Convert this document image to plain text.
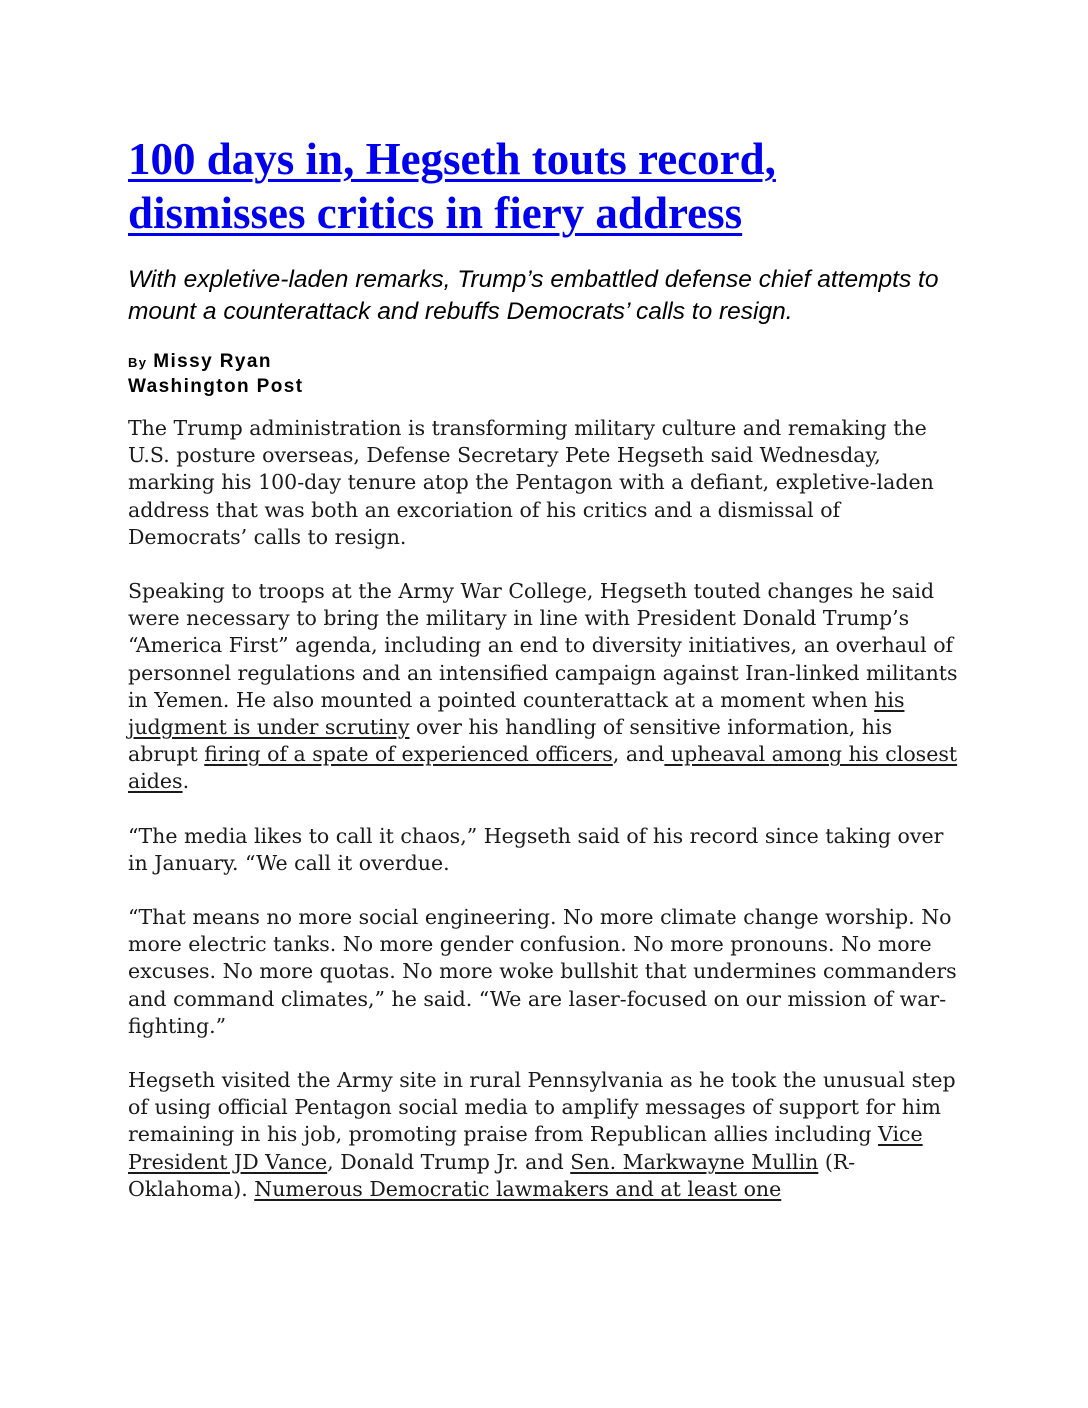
100 days in, Hegseth touts record,
dismisses critics in fiery address

With expletive-laden remarks, Trump’s embattled defense chief attempts to mount a counterattack and rebuffs Democrats’ calls to resign.

By Missy Ryan
Washington Post

The Trump administration is transforming military culture and remaking the U.S. posture overseas, Defense Secretary Pete Hegseth said Wednesday, marking his 100-day tenure atop the Pentagon with a defiant, expletive-laden address that was both an excoriation of his critics and a dismissal of Democrats’ calls to resign.

Speaking to troops at the Army War College, Hegseth touted changes he said were necessary to bring the military in line with President Donald Trump’s “America First” agenda, including an end to diversity initiatives, an overhaul of personnel regulations and an intensified campaign against Iran-linked militants in Yemen. He also mounted a pointed counterattack at a moment when his judgment is under scrutiny over his handling of sensitive information, his abrupt firing of a spate of experienced officers, and upheaval among his closest aides.

“The media likes to call it chaos,” Hegseth said of his record since taking over in January. “We call it overdue.

“That means no more social engineering. No more climate change worship. No more electric tanks. No more gender confusion. No more pronouns. No more excuses. No more quotas. No more woke bullshit that undermines commanders and command climates,” he said. “We are laser-focused on our mission of war-fighting.”

Hegseth visited the Army site in rural Pennsylvania as he took the unusual step of using official Pentagon social media to amplify messages of support for him remaining in his job, promoting praise from Republican allies including Vice President JD Vance, Donald Trump Jr. and Sen. Markwayne Mullin (R-Oklahoma). Numerous Democratic lawmakers and at least one
